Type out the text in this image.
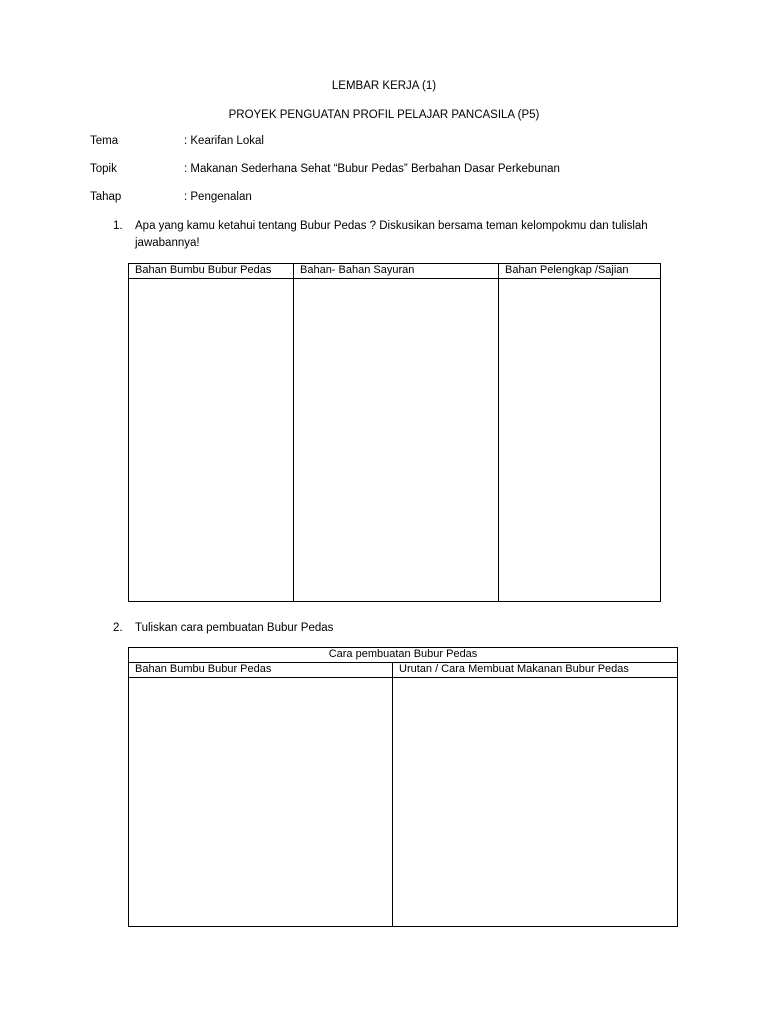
LEMBAR KERJA (1)
PROYEK PENGUATAN PROFIL PELAJAR PANCASILA (P5)
Tema	: Kearifan Lokal
Topik	: Makanan Sederhana Sehat “Bubur Pedas” Berbahan Dasar Perkebunan
Tahap	: Pengenalan
1. Apa yang kamu ketahui tentang Bubur Pedas ? Diskusikan bersama teman kelompokmu dan tulislah jawabannya!
Bahan Bumbu Bubur Pedas	Bahan- Bahan Sayuran	Bahan Pelengkap /Sajian

2. Tuliskan cara pembuatan Bubur Pedas
Cara pembuatan Bubur Pedas	
Bahan Bumbu Bubur Pedas	Urutan / Cara Membuat Makanan Bubur Pedas
